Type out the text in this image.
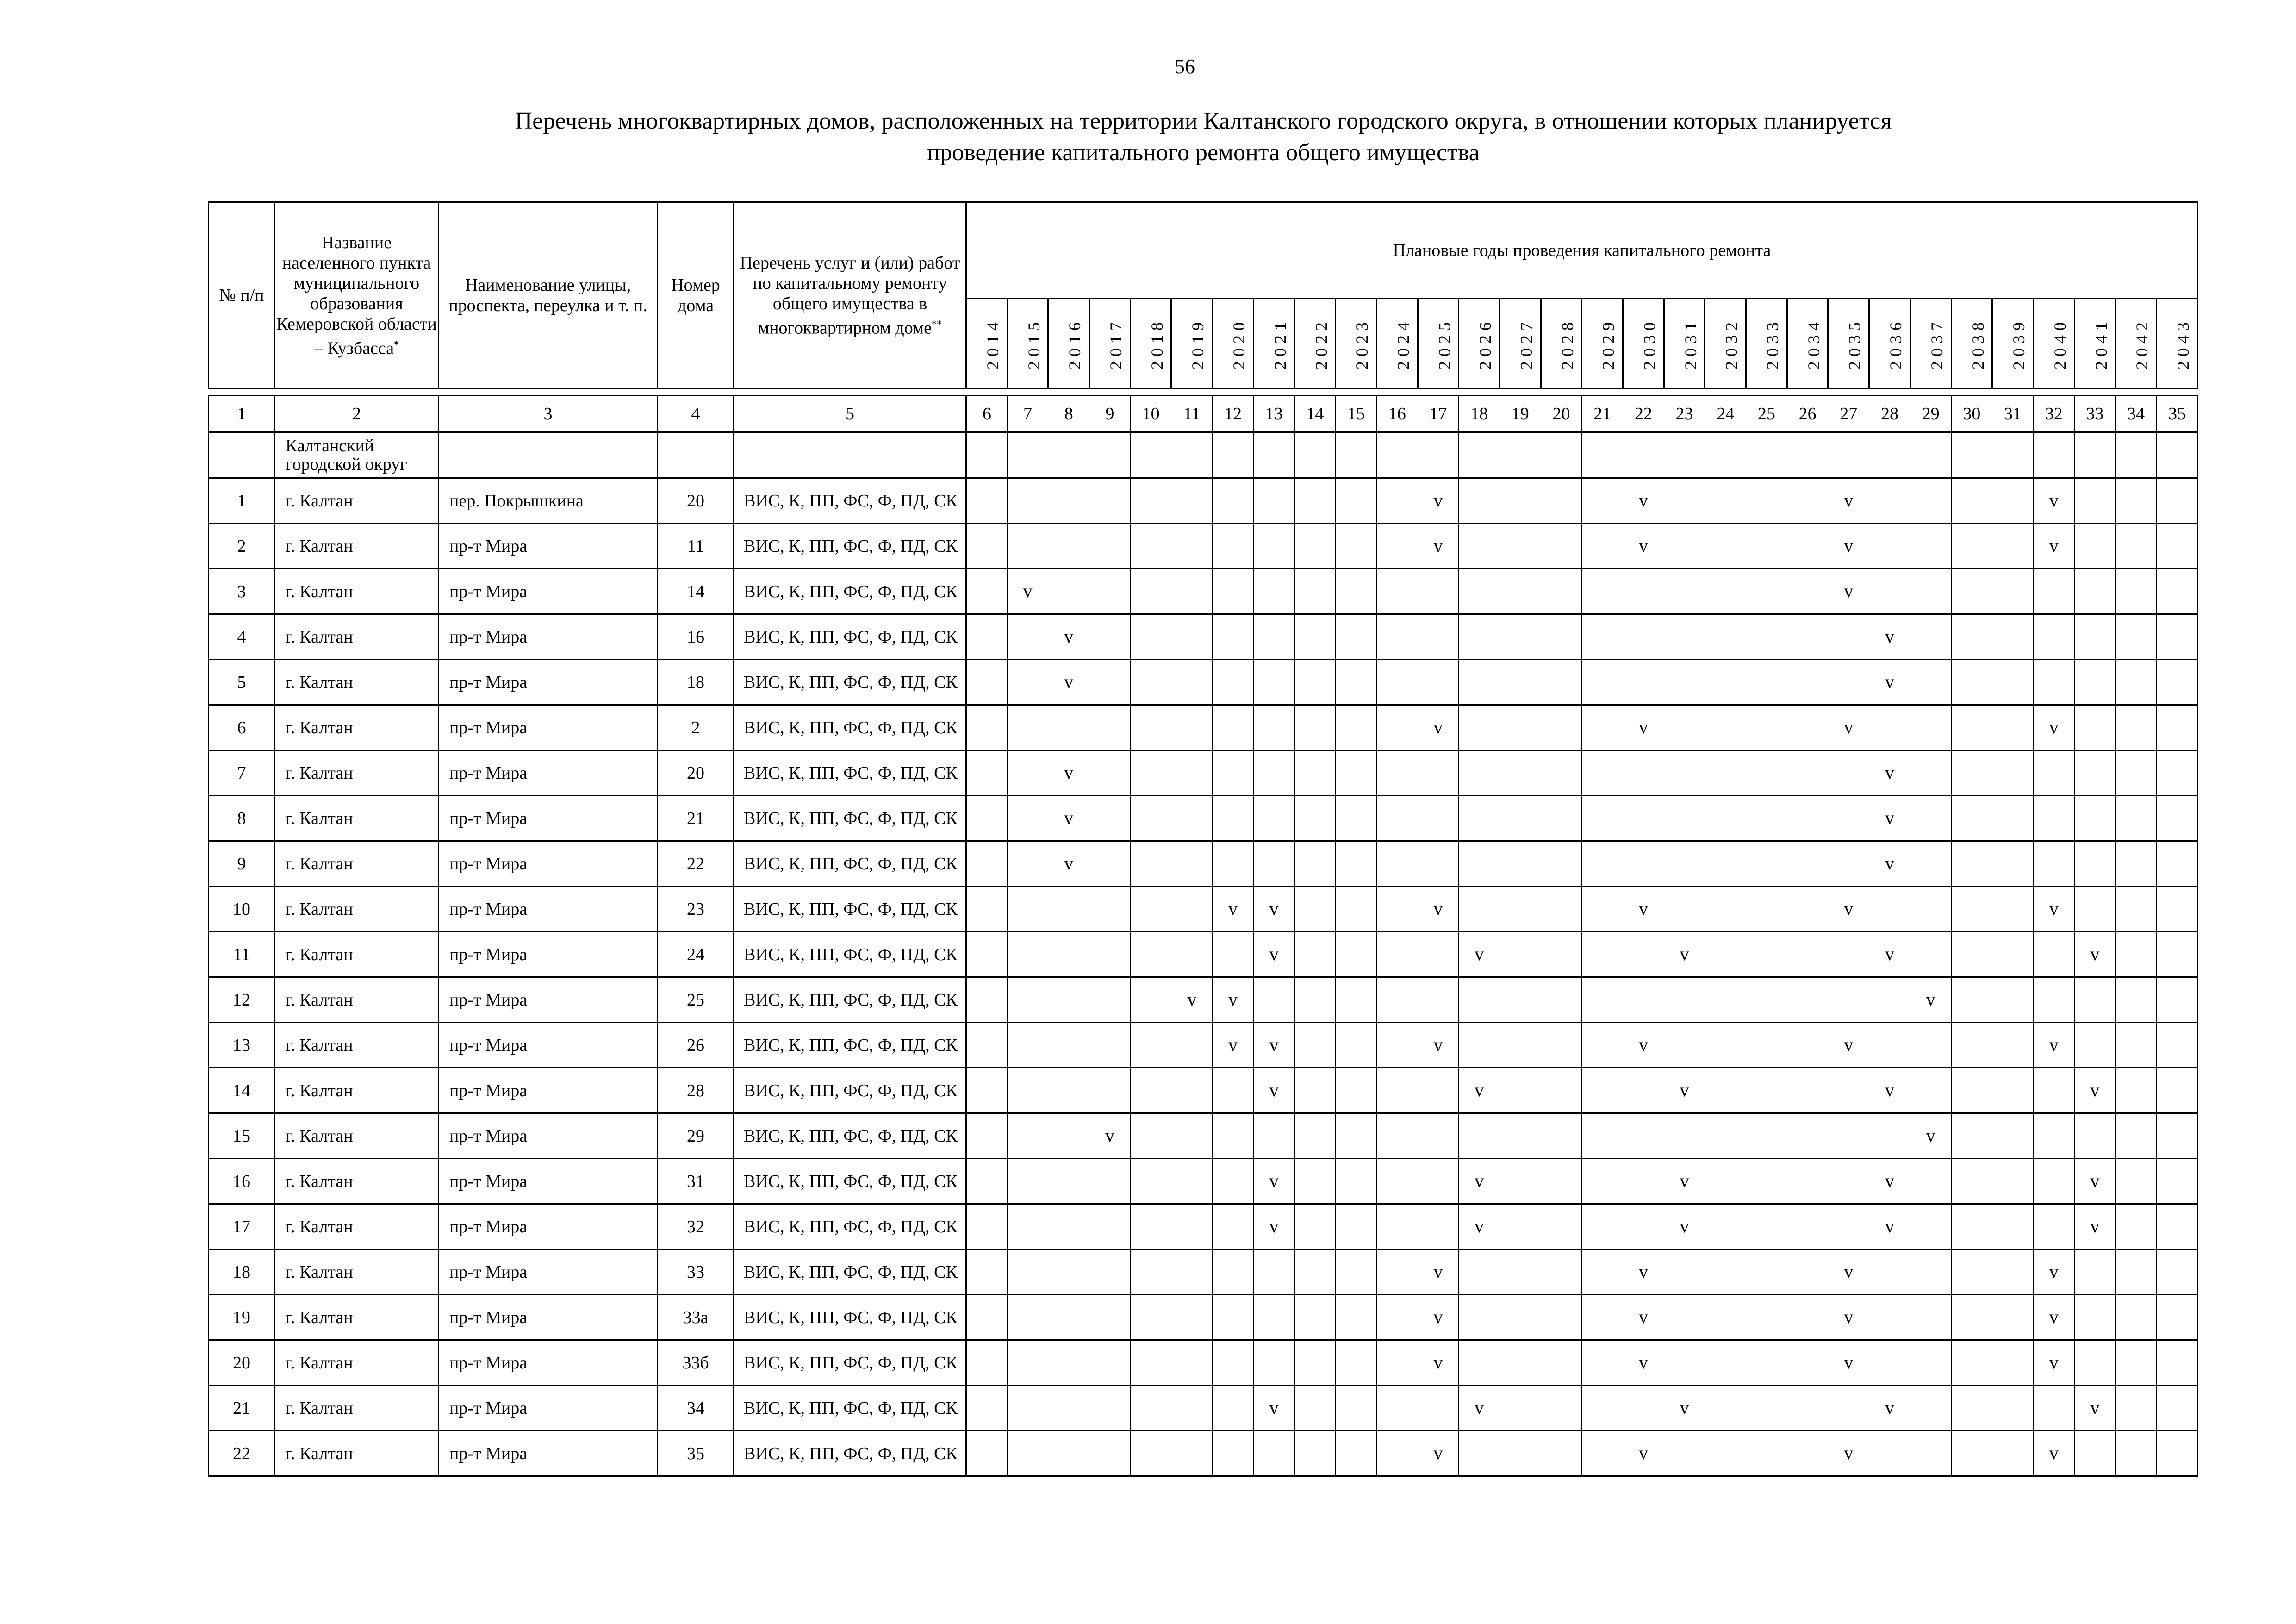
56
Перечень многоквартирных домов, расположенных на территории Калтанского городского округа, в отношении которых планируется проведение капитального ремонта общего имущества
№ п/п	Название населенного пункта муниципального образования Кемеровской области – Кузбасса*	Наименование улицы, проспекта, переулка и т. п.	Номер дома	Перечень услуг и (или) работ по капитальному ремонту общего имущества в многоквартирном доме**	Плановые годы проведения капитального ремонта																													
					2014	2015	2016	2017	2018	2019	2020	2021	2022	2023	2024	2025	2026	2027	2028	2029	2030	2031	2032	2033	2034	2035	2036	2037	2038	2039	2040	2041	2042	2043

1	2	3	4	5	6	7	8	9	10	11	12	13	14	15	16	17	18	19	20	21	22	23	24	25	26	27	28	29	30	31	32	33	34	35
	Калтанский городской округ																																	
1	г. Калтан	пер. Покрышкина	20	ВИС, К, ПП, ФС, Ф, ПД, СК												v					v					v					v			
2	г. Калтан	пр-т Мира	11	ВИС, К, ПП, ФС, Ф, ПД, СК												v					v					v					v			
3	г. Калтан	пр-т Мира	14	ВИС, К, ПП, ФС, Ф, ПД, СК		v																				v								
4	г. Калтан	пр-т Мира	16	ВИС, К, ПП, ФС, Ф, ПД, СК			v																				v							
5	г. Калтан	пр-т Мира	18	ВИС, К, ПП, ФС, Ф, ПД, СК			v																				v							
6	г. Калтан	пр-т Мира	2	ВИС, К, ПП, ФС, Ф, ПД, СК												v					v					v					v			
7	г. Калтан	пр-т Мира	20	ВИС, К, ПП, ФС, Ф, ПД, СК			v																				v							
8	г. Калтан	пр-т Мира	21	ВИС, К, ПП, ФС, Ф, ПД, СК			v																				v							
9	г. Калтан	пр-т Мира	22	ВИС, К, ПП, ФС, Ф, ПД, СК			v																				v							
10	г. Калтан	пр-т Мира	23	ВИС, К, ПП, ФС, Ф, ПД, СК							v	v				v					v					v					v			
11	г. Калтан	пр-т Мира	24	ВИС, К, ПП, ФС, Ф, ПД, СК								v					v					v					v					v		
12	г. Калтан	пр-т Мира	25	ВИС, К, ПП, ФС, Ф, ПД, СК						v	v																	v						
13	г. Калтан	пр-т Мира	26	ВИС, К, ПП, ФС, Ф, ПД, СК							v	v				v					v					v					v			
14	г. Калтан	пр-т Мира	28	ВИС, К, ПП, ФС, Ф, ПД, СК								v					v					v					v					v		
15	г. Калтан	пр-т Мира	29	ВИС, К, ПП, ФС, Ф, ПД, СК				v																				v						
16	г. Калтан	пр-т Мира	31	ВИС, К, ПП, ФС, Ф, ПД, СК								v					v					v					v					v		
17	г. Калтан	пр-т Мира	32	ВИС, К, ПП, ФС, Ф, ПД, СК								v					v					v					v					v		
18	г. Калтан	пр-т Мира	33	ВИС, К, ПП, ФС, Ф, ПД, СК												v					v					v					v			
19	г. Калтан	пр-т Мира	33а	ВИС, К, ПП, ФС, Ф, ПД, СК												v					v					v					v			
20	г. Калтан	пр-т Мира	33б	ВИС, К, ПП, ФС, Ф, ПД, СК												v					v					v					v			
21	г. Калтан	пр-т Мира	34	ВИС, К, ПП, ФС, Ф, ПД, СК								v					v					v					v					v		
22	г. Калтан	пр-т Мира	35	ВИС, К, ПП, ФС, Ф, ПД, СК												v					v					v					v			
